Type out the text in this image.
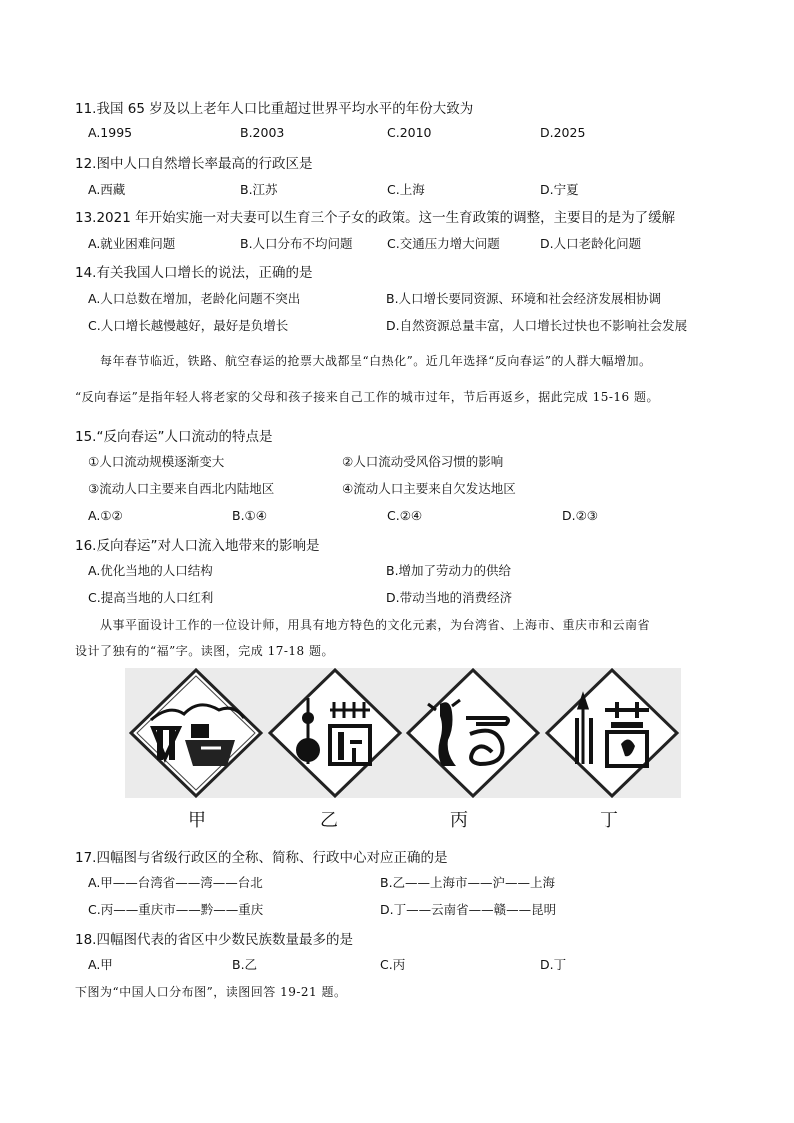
11.我国 65 岁及以上老年人口比重超过世界平均水平的年份大致为
A.1995	B.2003	C.2010	D.2025
12.图中人口自然增长率最高的行政区是
A.西藏	B.江苏	C.上海	D.宁夏
13.2021 年开始实施一对夫妻可以生育三个子女的政策。这一生育政策的调整，主要目的是为了缓解
A.就业困难问题	B.人口分布不均问题	C.交通压力增大问题	D.人口老龄化问题
14.有关我国人口增长的说法，正确的是
A.人口总数在增加，老龄化问题不突出	B.人口增长要同资源、环境和社会经济发展相协调
C.人口增长越慢越好，最好是负增长	D.自然资源总量丰富，人口增长过快也不影响社会发展
每年春节临近，铁路、航空春运的抢票大战都呈“白热化”。近几年选择“反向春运”的人群大幅增加。
“反向春运”是指年轻人将老家的父母和孩子接来自己工作的城市过年，节后再返乡，据此完成 15-16 题。
15.“反向春运”人口流动的特点是
①人口流动规模逐渐变大	②人口流动受风俗习惯的影响
③流动人口主要来自西北内陆地区	④流动人口主要来自欠发达地区
A.①②	B.①④	C.②④	D.②③
16.反向春运”对人口流入地带来的影响是
A.优化当地的人口结构	B.增加了劳动力的供给
C.提高当地的人口红利	D.带动当地的消费经济
从事平面设计工作的一位设计师，用具有地方特色的文化元素，为台湾省、上海市、重庆市和云南省
设计了独有的“福”字。读图，完成 17-18 题。
甲	乙	丙	丁
17.四幅图与省级行政区的全称、简称、行政中心对应正确的是
A.甲——台湾省——湾——台北	B.乙——上海市——沪——上海
C.丙——重庆市——黔——重庆	D.丁——云南省——赣——昆明
18.四幅图代表的省区中少数民族数量最多的是
A.甲	B.乙	C.丙	D.丁
下图为“中国人口分布图”，读图回答 19-21 题。
